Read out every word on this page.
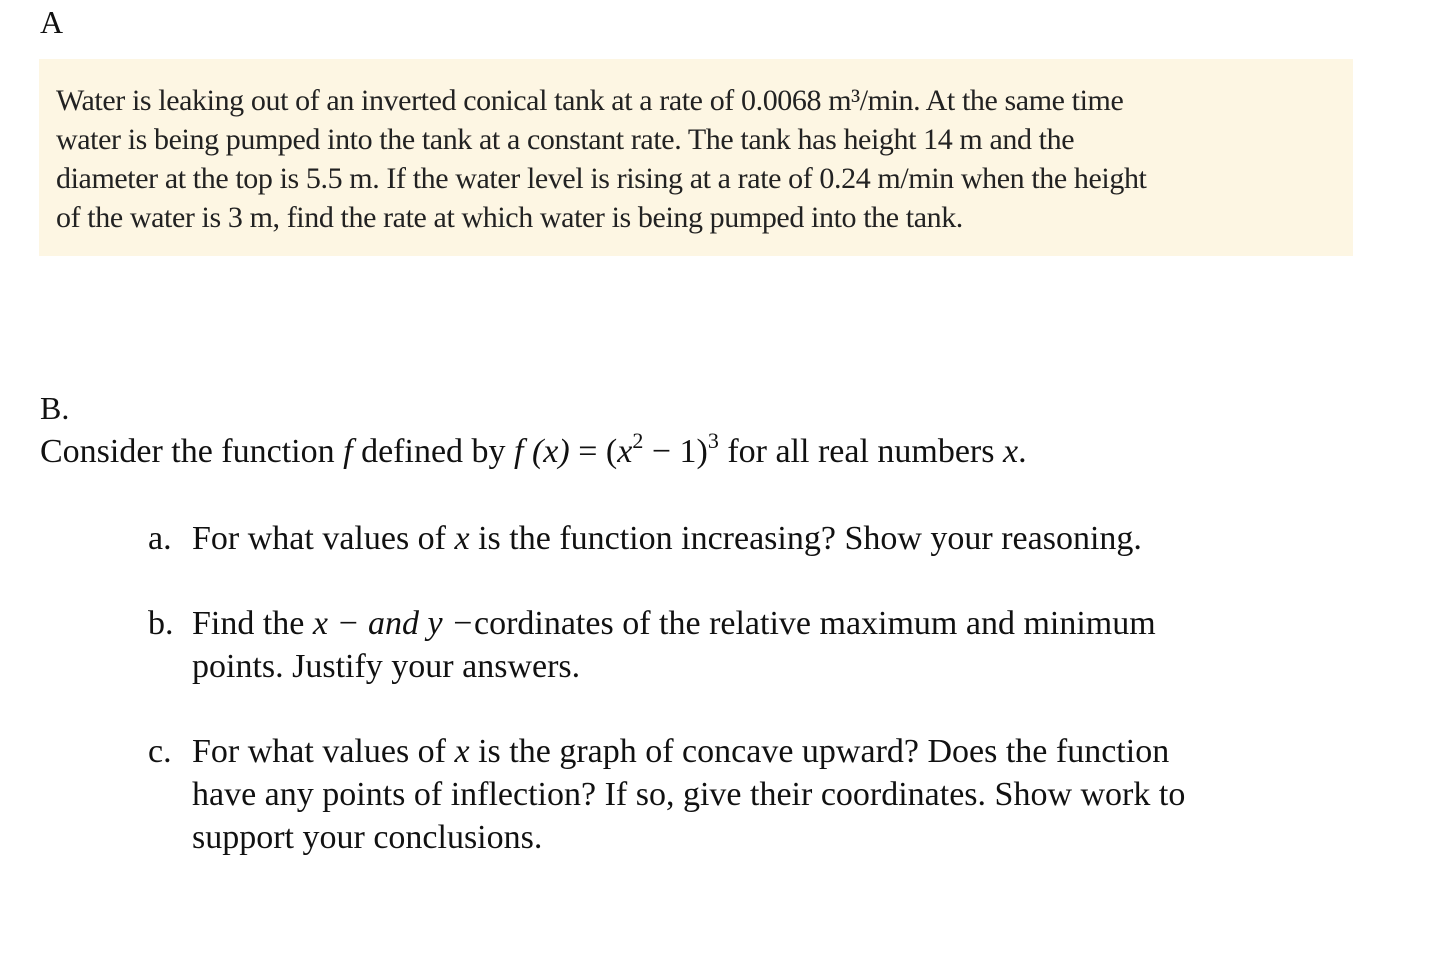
A
Water is leaking out of an inverted conical tank at a rate of 0.0068 m³/min. At the same time
water is being pumped into the tank at a constant rate. The tank has height 14 m and the
diameter at the top is 5.5 m. If the water level is rising at a rate of 0.24 m/min when the height
of the water is 3 m, find the rate at which water is being pumped into the tank.
B.
Consider the function f defined by f $(x) = (x^2 - 1)^3$ for all real numbers x.
a. For what values of x is the function increasing? Show your reasoning.
b. Find the x − and y −cordinates of the relative maximum and minimum
points. Justify your answers.
c. For what values of x is the graph of concave upward? Does the function
have any points of inflection? If so, give their coordinates. Show work to
support your conclusions.
